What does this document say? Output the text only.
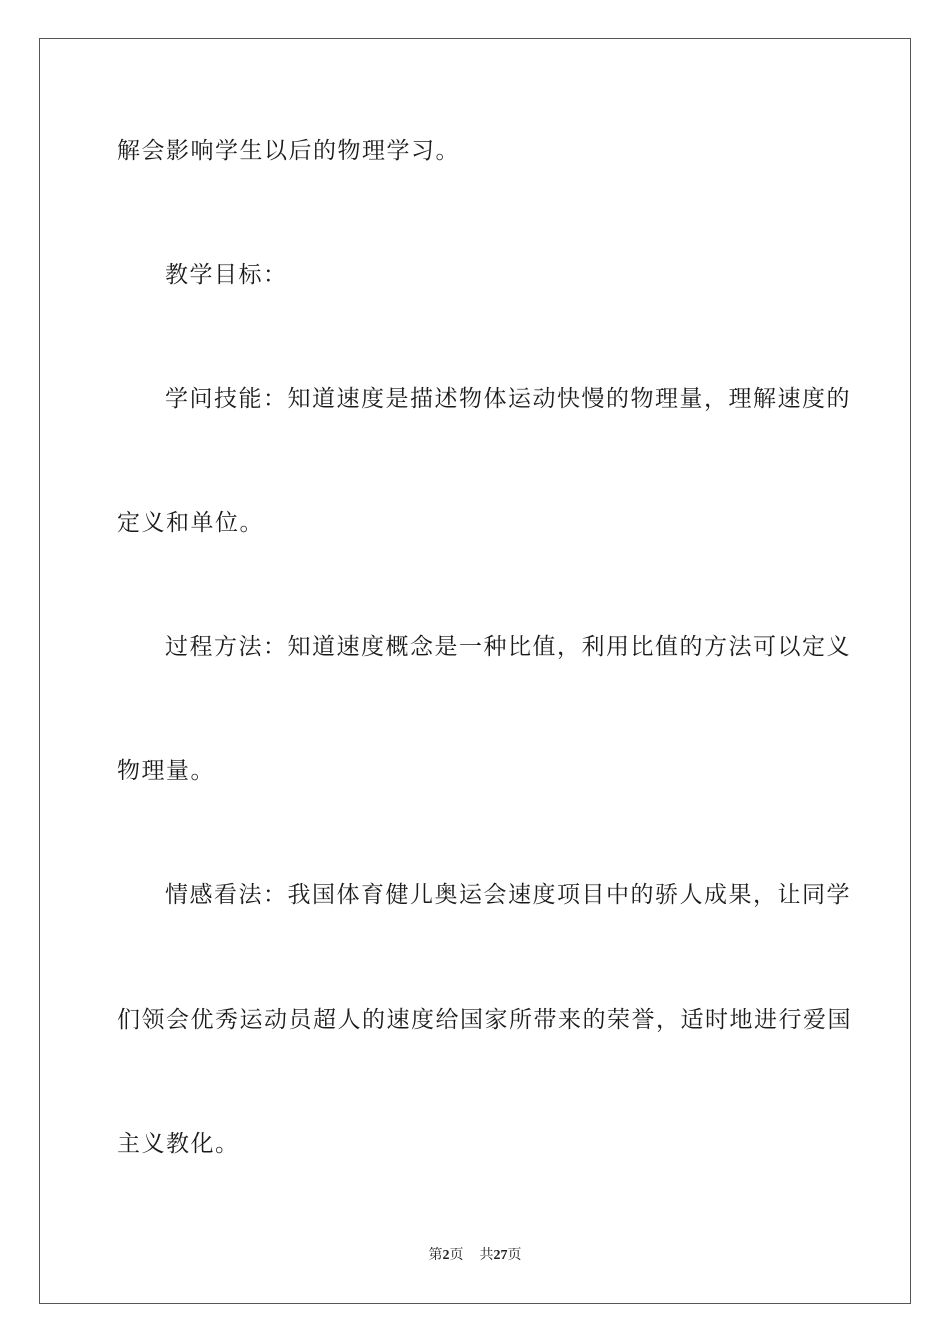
解会影响学生以后的物理学习。
教学目标：
学问技能：知道速度是描述物体运动快慢的物理量，理解速度的
定义和单位。
过程方法：知道速度概念是一种比值，利用比值的方法可以定义
物理量。
情感看法：我国体育健儿奥运会速度项目中的骄人成果，让同学
们领会优秀运动员超人的速度给国家所带来的荣誉，适时地进行爱国
主义教化。
第2页 共27页
